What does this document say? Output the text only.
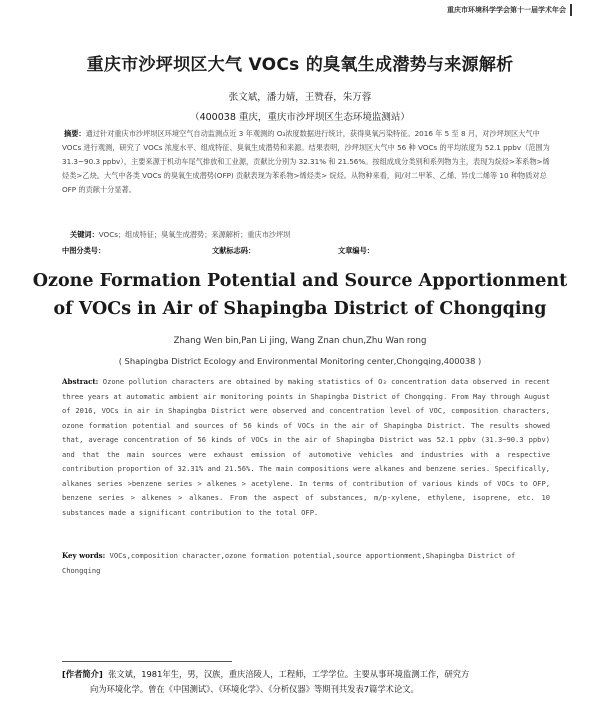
重庆市环境科学学会第十一届学术年会
重庆市沙坪坝区大气 VOCs 的臭氧生成潜势与来源解析
张文斌，潘力婧，王赞春，朱万蓉
（400038 重庆，重庆市沙坪坝区生态环境监测站）
摘要：通过针对重庆市沙坪坝区环境空气自动监测点近 3 年观测的 O₃浓度数据进行统计，获得臭氧污染特征。2016 年 5 至 8 月，对沙坪坝区大气中 VOCs 进行观测，研究了 VOCs 浓度水平、组成特征、臭氧生成潜势和来源。结果表明，沙坪坝区大气中 56 种 VOCs 的平均浓度为 52.1 ppbv（范围为 31.3~90.3 ppbv），主要来源于机动车尾气排放和工业源，贡献比分别为 32.31% 和 21.56%。按组成成分类别和系列物为主，表现为烷烃>苯系物>烯烃类>乙炔。大气中各类 VOCs 的臭氧生成潜势(OFP) 贡献表现为苯系物>烯烃类> 烷烃。从物种来看，间/对二甲苯、乙烯、异戊二烯等 10 种物质对总 OFP 的贡献十分显著。
关键词：VOCs；组成特征；臭氧生成潜势；来源解析；重庆市沙坪坝
中图分类号：	文献标志码：	文章编号：
Ozone Formation Potential and Source Apportionment
of VOCs in Air of Shapingba District of Chongqing
Zhang Wen bin,Pan Li jing, Wang Znan chun,Zhu Wan rong
( Shapingba District Ecology and Environmental Monitoring center,Chongqing,400038 )
Abstract: Ozone pollution characters are obtained by making statistics of O₃ concentration data observed in recent three years at automatic ambient air monitoring points in Shapingba District of Chongqing. From May through August of 2016, VOCs in air in Shapingba District were observed and concentration level of VOC, composition characters, ozone formation potential and sources of 56 kinds of VOCs in the air of Shapingba District. The results showed that, average concentration of 56 kinds of VOCs in the air of Shapingba District was 52.1 ppbv (31.3~90.3 ppbv) and that the main sources were exhaust emission of automotive vehicles and industries with a respective contribution proportion of 32.31% and 21.56%. The main compositions were alkanes and benzene series. Specifically, alkanes series >benzene series > alkenes > acetylene. In terms of contribution of various kinds of VOCs to OFP, benzene series > alkenes > alkanes. From the aspect of substances, m/p-xylene, ethylene, isoprene, etc. 10 substances made a significant contribution to the total OFP.
Key words: VOCs,composition character,ozone formation potential,source apportionment,Shapingba District of Chongqing
[作者简介] 张文斌，1981年生，男，汉族，重庆涪陵人，工程师，工学学位。主要从事环境监测工作，研究方
向为环境化学。曾在《中国测试》、《环境化学》、《分析仪器》等期刊共发表7篇学术论文。
